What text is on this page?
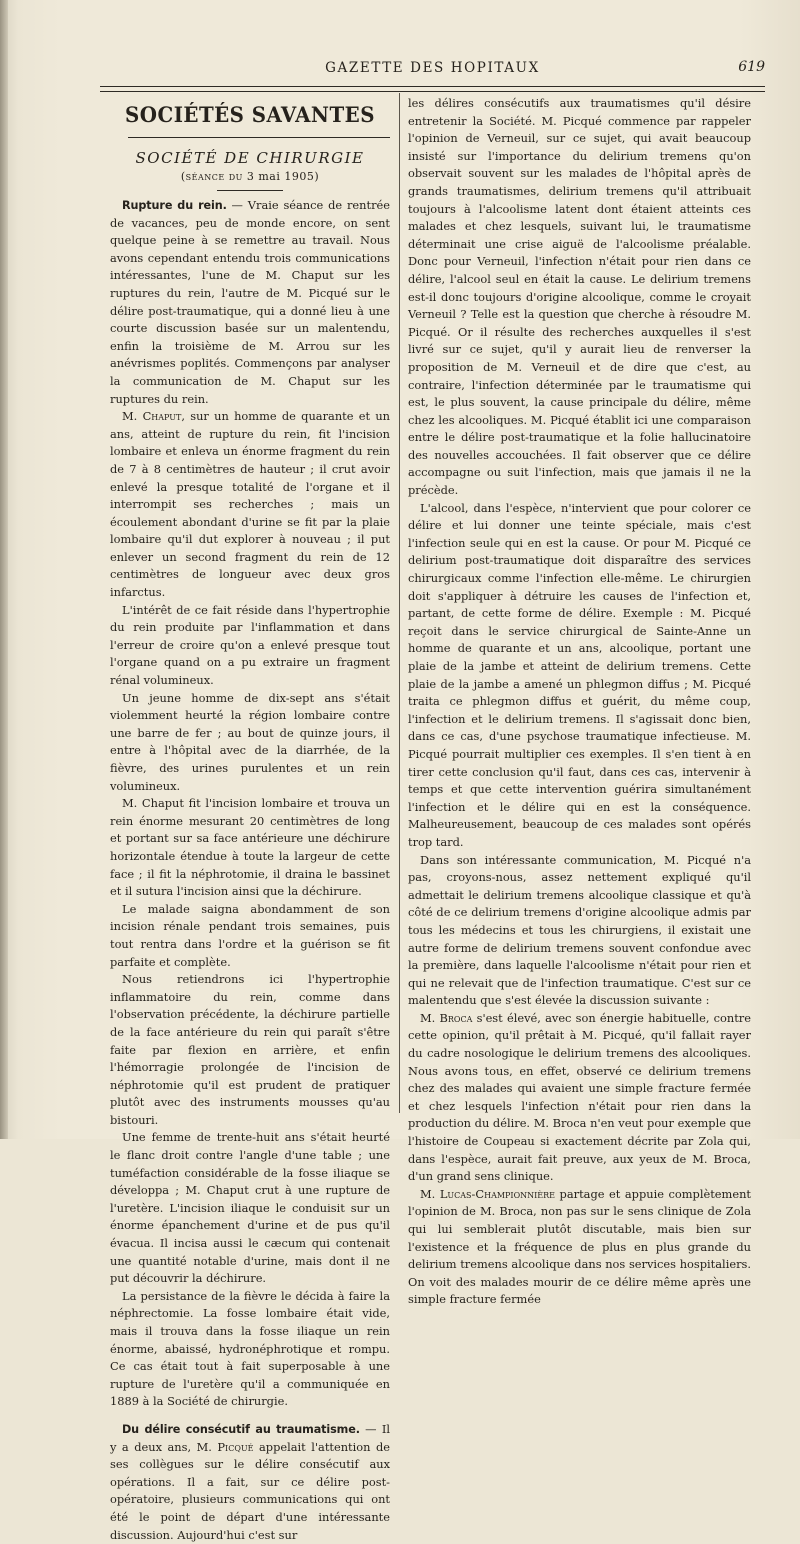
GAZETTE DES HOPITAUX	619
SOCIÉTÉS SAVANTES
SOCIÉTÉ DE CHIRURGIE
(séance du 3 mai 1905)

Rupture du rein. — Vraie séance de rentrée de vacances, peu de monde encore, on sent quelque peine à se remettre au travail. Nous avons cependant entendu trois communications intéressantes, l'une de M. Chaput sur les ruptures du rein, l'autre de M. Picqué sur le délire post-traumatique, qui a donné lieu à une courte discussion basée sur un malentendu, enfin la troisième de M. Arrou sur les anévrismes poplités. Commençons par analyser la communication de M. Chaput sur les ruptures du rein.

M. Chaput, sur un homme de quarante et un ans, atteint de rupture du rein, fit l'incision lombaire et enleva un énorme fragment du rein de 7 à 8 centimètres de hauteur ; il crut avoir enlevé la presque totalité de l'organe et il interrompit ses recherches ; mais un écoulement abondant d'urine se fit par la plaie lombaire qu'il dut explorer à nouveau ; il put enlever un second fragment du rein de 12 centimètres de longueur avec deux gros infarctus.

L'intérêt de ce fait réside dans l'hypertrophie du rein produite par l'inflammation et dans l'erreur de croire qu'on a enlevé presque tout l'organe quand on a pu extraire un fragment rénal volumineux.

Un jeune homme de dix-sept ans s'était violemment heurté la région lombaire contre une barre de fer ; au bout de quinze jours, il entre à l'hôpital avec de la diarrhée, de la fièvre, des urines purulentes et un rein volumineux.

M. Chaput fit l'incision lombaire et trouva un rein énorme mesurant 20 centimètres de long et portant sur sa face antérieure une déchirure horizontale étendue à toute la largeur de cette face ; il fit la néphrotomie, il draina le bassinet et il sutura l'incision ainsi que la déchirure.

Le malade saigna abondamment de son incision rénale pendant trois semaines, puis tout rentra dans l'ordre et la guérison se fit parfaite et complète.

Nous retiendrons ici l'hypertrophie inflammatoire du rein, comme dans l'observation précédente, la déchirure partielle de la face antérieure du rein qui paraît s'être faite par flexion en arrière, et enfin l'hémorragie prolongée de l'incision de néphrotomie qu'il est prudent de pratiquer plutôt avec des instruments mousses qu'au bistouri.

Une femme de trente-huit ans s'était heurté le flanc droit contre l'angle d'une table ; une tuméfaction considérable de la fosse iliaque se développa ; M. Chaput crut à une rupture de l'uretère. L'incision iliaque le conduisit sur un énorme épanchement d'urine et de pus qu'il évacua. Il incisa aussi le cæcum qui contenait une quantité notable d'urine, mais dont il ne put découvrir la déchirure.

La persistance de la fièvre le décida à faire la néphrectomie. La fosse lombaire était vide, mais il trouva dans la fosse iliaque un rein énorme, abaissé, hydronéphrotique et rompu. Ce cas était tout à fait superposable à une rupture de l'uretère qu'il a communiquée en 1889 à la Société de chirurgie.

Du délire consécutif au traumatisme. — Il y a deux ans, M. Picqué appelait l'attention de ses collègues sur le délire consécutif aux opérations. Il a fait, sur ce délire post-opératoire, plusieurs communications qui ont été le point de départ d'une intéressante discussion. Aujourd'hui c'est sur

les délires consécutifs aux traumatismes qu'il désire entretenir la Société. M. Picqué commence par rappeler l'opinion de Verneuil, sur ce sujet, qui avait beaucoup insisté sur l'importance du delirium tremens qu'on observait souvent sur les malades de l'hôpital après de grands traumatismes, delirium tremens qu'il attribuait toujours à l'alcoolisme latent dont étaient atteints ces malades et chez lesquels, suivant lui, le traumatisme déterminait une crise aiguë de l'alcoolisme préalable. Donc pour Verneuil, l'infection n'était pour rien dans ce délire, l'alcool seul en était la cause. Le delirium tremens est-il donc toujours d'origine alcoolique, comme le croyait Verneuil ? Telle est la question que cherche à résoudre M. Picqué. Or il résulte des recherches auxquelles il s'est livré sur ce sujet, qu'il y aurait lieu de renverser la proposition de M. Verneuil et de dire que c'est, au contraire, l'infection déterminée par le traumatisme qui est, le plus souvent, la cause principale du délire, même chez les alcooliques. M. Picqué établit ici une comparaison entre le délire post-traumatique et la folie hallucinatoire des nouvelles accouchées. Il fait observer que ce délire accompagne ou suit l'infection, mais que jamais il ne la précède.

L'alcool, dans l'espèce, n'intervient que pour colorer ce délire et lui donner une teinte spéciale, mais c'est l'infection seule qui en est la cause. Or pour M. Picqué ce delirium post-traumatique doit disparaître des services chirurgicaux comme l'infection elle-même. Le chirurgien doit s'appliquer à détruire les causes de l'infection et, partant, de cette forme de délire. Exemple : M. Picqué reçoit dans le service chirurgical de Sainte-Anne un homme de quarante et un ans, alcoolique, portant une plaie de la jambe et atteint de delirium tremens. Cette plaie de la jambe a amené un phlegmon diffus ; M. Picqué traita ce phlegmon diffus et guérit, du même coup, l'infection et le delirium tremens. Il s'agissait donc bien, dans ce cas, d'une psychose traumatique infectieuse. M. Picqué pourrait multiplier ces exemples. Il s'en tient à en tirer cette conclusion qu'il faut, dans ces cas, intervenir à temps et que cette intervention guérira simultanément l'infection et le délire qui en est la conséquence. Malheureusement, beaucoup de ces malades sont opérés trop tard.

Dans son intéressante communication, M. Picqué n'a pas, croyons-nous, assez nettement expliqué qu'il admettait le delirium tremens alcoolique classique et qu'à côté de ce delirium tremens d'origine alcoolique admis par tous les médecins et tous les chirurgiens, il existait une autre forme de delirium tremens souvent confondue avec la première, dans laquelle l'alcoolisme n'était pour rien et qui ne relevait que de l'infection traumatique. C'est sur ce malentendu que s'est élevée la discussion suivante :

M. Broca s'est élevé, avec son énergie habituelle, contre cette opinion, qu'il prêtait à M. Picqué, qu'il fallait rayer du cadre nosologique le delirium tremens des alcooliques. Nous avons tous, en effet, observé ce delirium tremens chez des malades qui avaient une simple fracture fermée et chez lesquels l'infection n'était pour rien dans la production du délire. M. Broca n'en veut pour exemple que l'histoire de Coupeau si exactement décrite par Zola qui, dans l'espèce, aurait fait preuve, aux yeux de M. Broca, d'un grand sens clinique.

M. Lucas-Championnière partage et appuie complètement l'opinion de M. Broca, non pas sur le sens clinique de Zola qui lui semblerait plutôt discutable, mais bien sur l'existence et la fréquence de plus en plus grande du delirium tremens alcoolique dans nos services hospitaliers. On voit des malades mourir de ce délire même après une simple fracture fermée
